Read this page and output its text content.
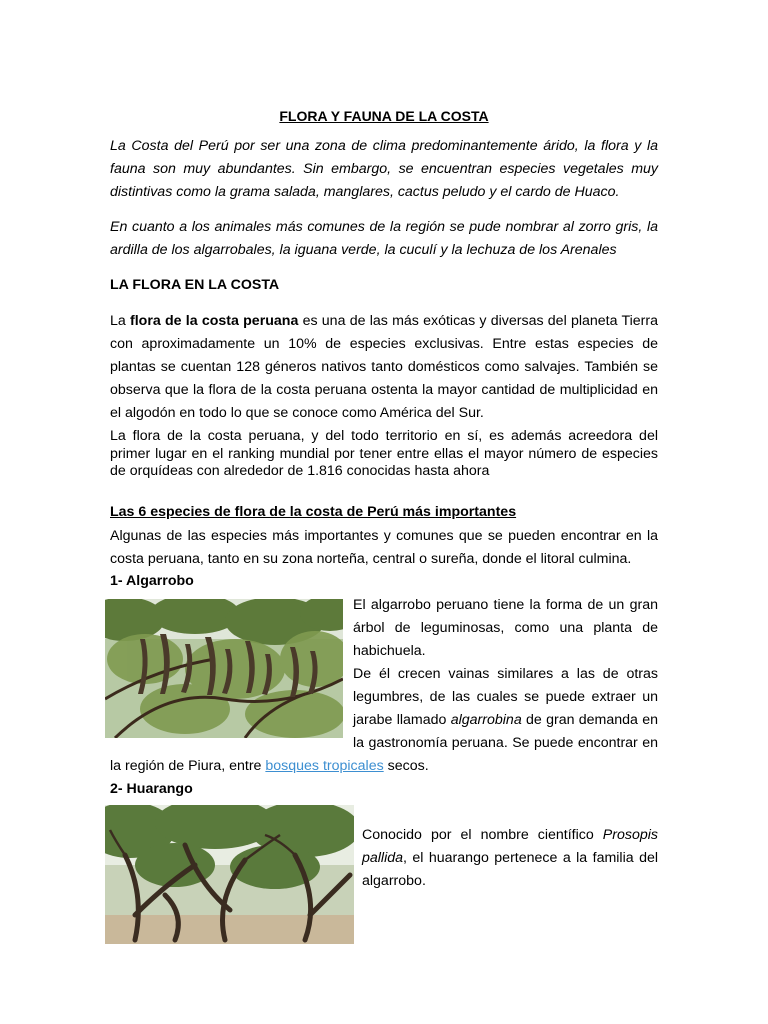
FLORA Y FAUNA DE LA COSTA

La Costa del Perú por ser una zona de clima predominantemente árido, la flora y la fauna son muy abundantes. Sin embargo, se encuentran especies vegetales muy distintivas como la grama salada, manglares, cactus peludo y el cardo de Huaco.

En cuanto a los animales más comunes de la región se pude nombrar al zorro gris, la ardilla de los algarrobales, la iguana verde, la cuculí y la lechuza de los Arenales

LA FLORA EN LA COSTA

La flora de la costa peruana es una de las más exóticas y diversas del planeta Tierra con aproximadamente un 10% de especies exclusivas. Entre estas especies de plantas se cuentan 128 géneros nativos tanto domésticos como salvajes. También se observa que la flora de la costa peruana ostenta la mayor cantidad de multiplicidad en el algodón en todo lo que se conoce como América del Sur.

La flora de la costa peruana, y del todo territorio en sí, es además acreedora del primer lugar en el ranking mundial por tener entre ellas el mayor número de especies de orquídeas con alrededor de 1.816 conocidas hasta ahora

Las 6 especies de flora de la costa de Perú más importantes

Algunas de las especies más importantes y comunes que se pueden encontrar en la costa peruana, tanto en su zona norteña, central o sureña, donde el litoral culmina.

1- Algarrobo

El algarrobo peruano tiene la forma de un gran árbol de leguminosas, como una planta de habichuela.
De él crecen vainas similares a las de otras legumbres, de las cuales se puede extraer un jarabe llamado algarrobina de gran demanda en la gastronomía peruana. Se puede encontrar en

la región de Piura, entre bosques tropicales secos.

2- Huarango

Conocido por el nombre científico Prosopis pallida, el huarango pertenece a la familia del algarrobo.
